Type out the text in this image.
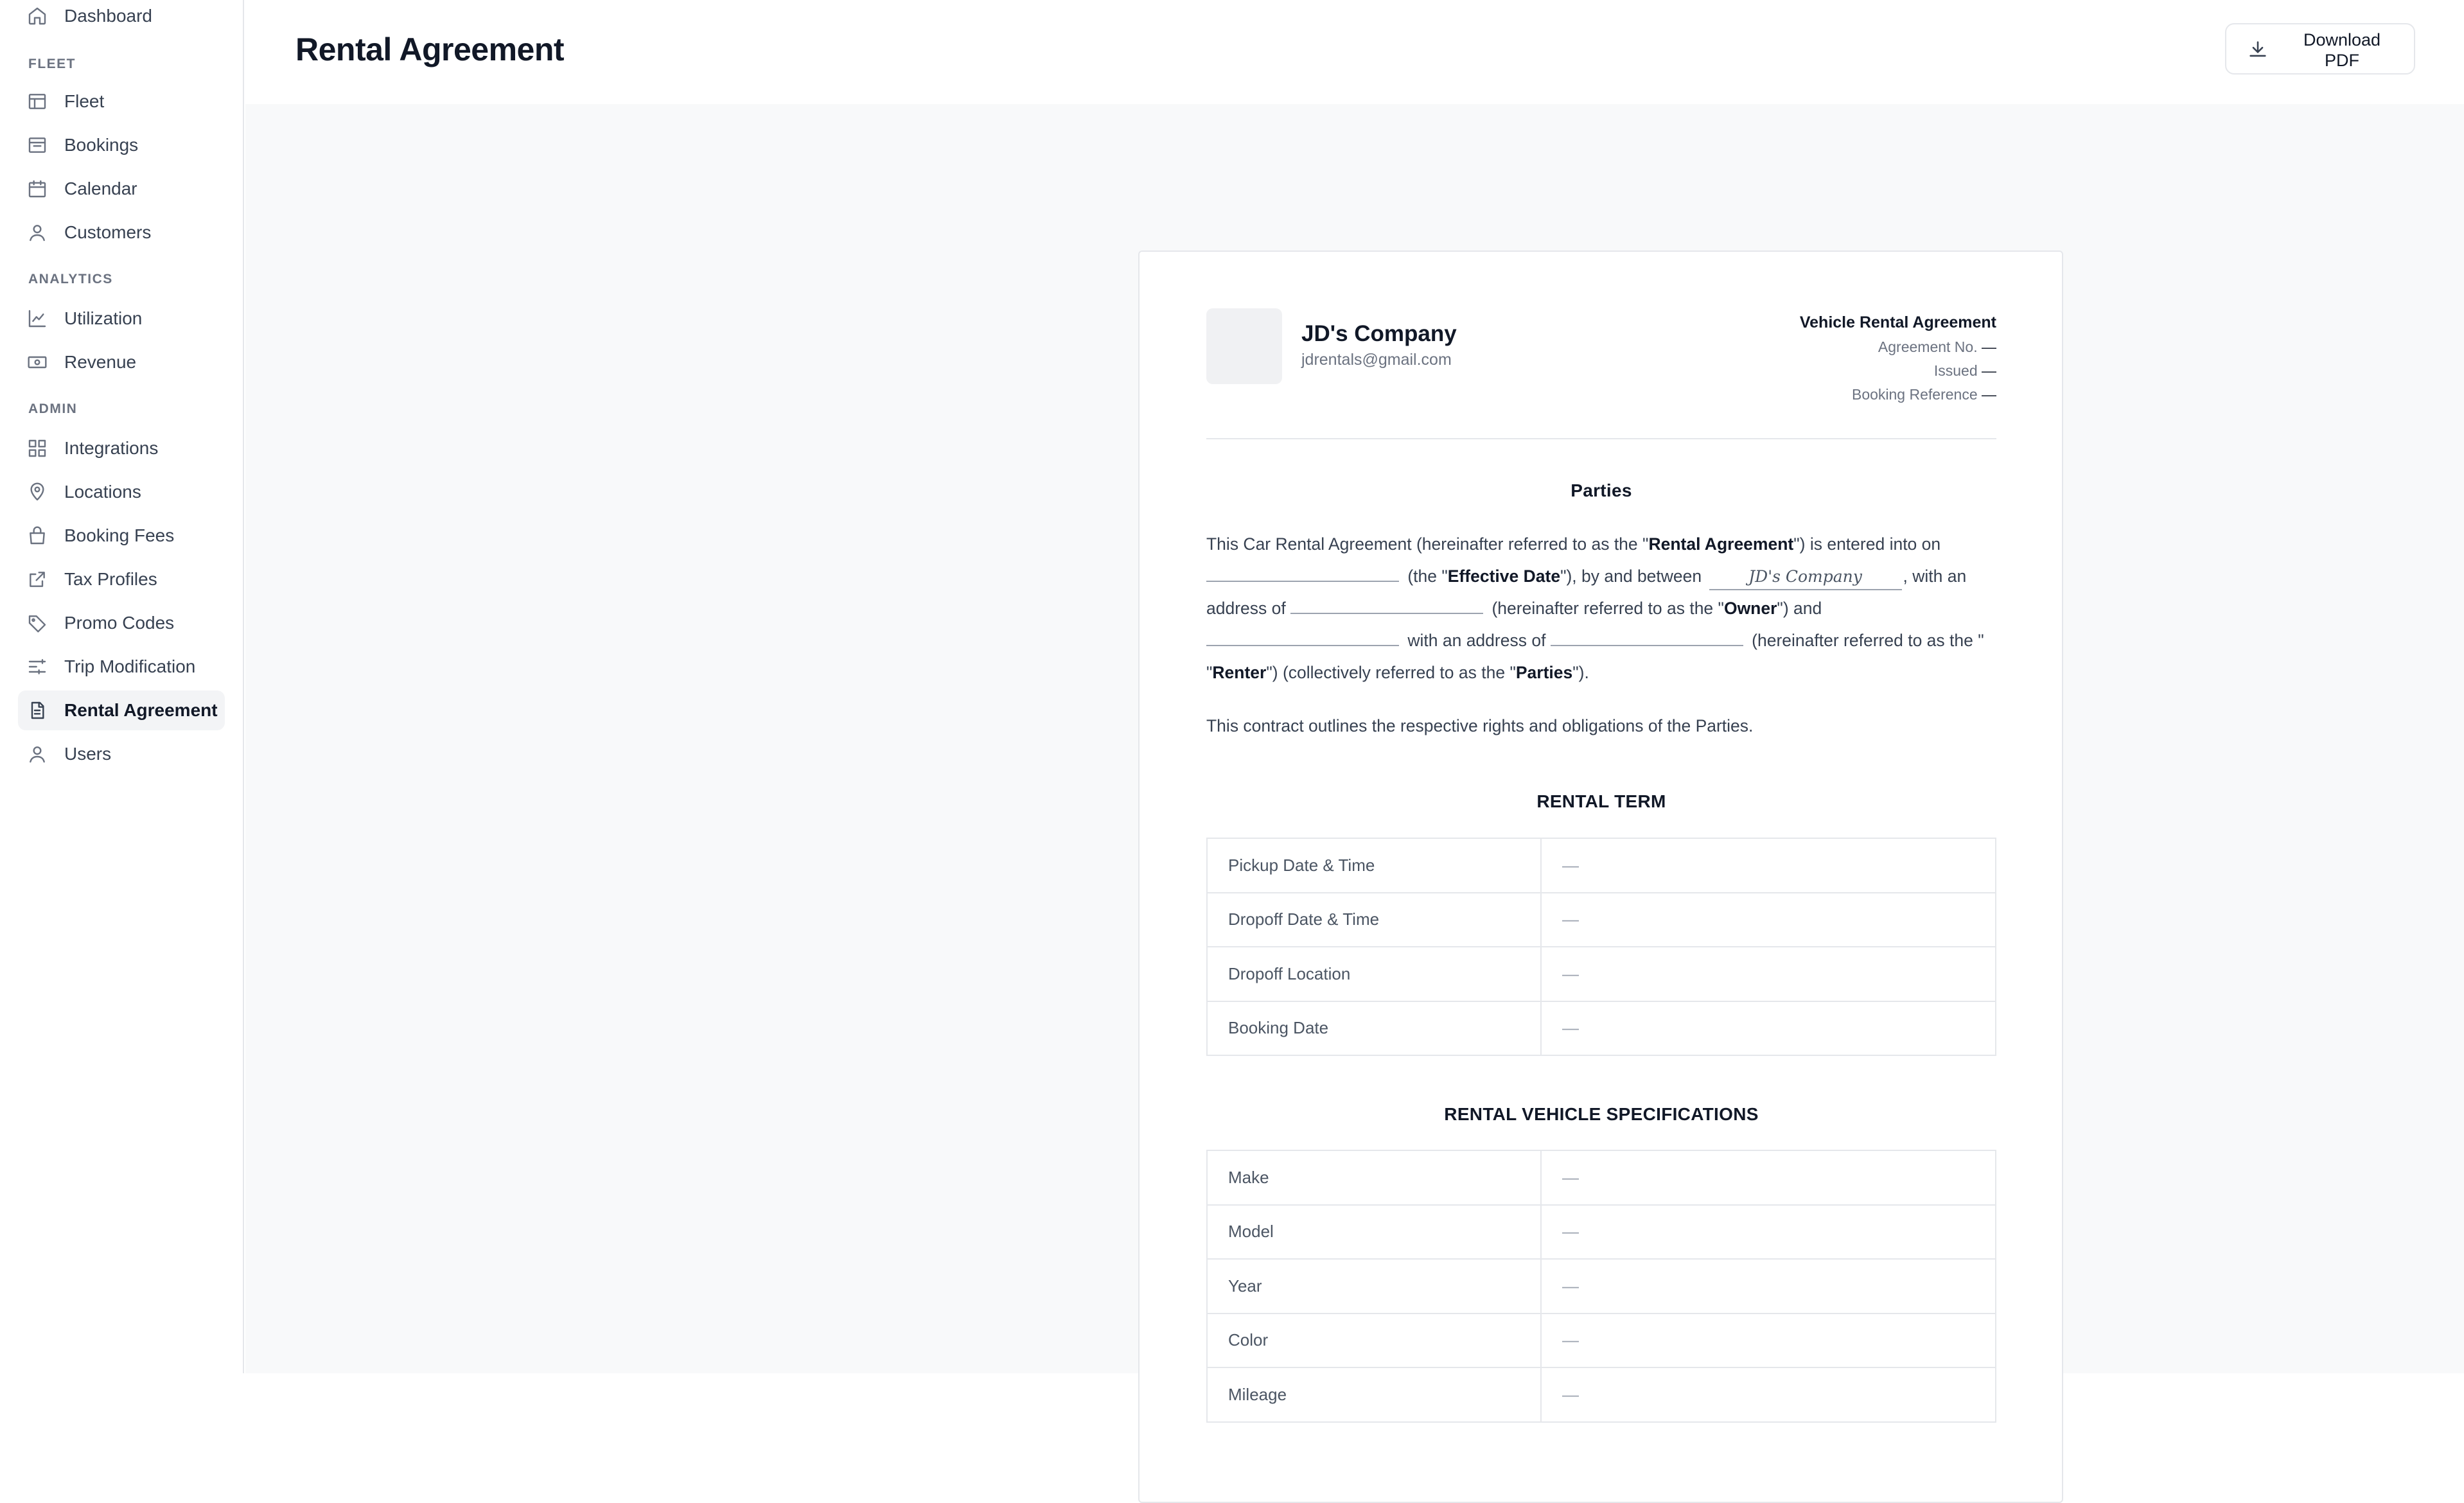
Dashboard
FLEET
Fleet
Bookings
Calendar
Customers
ANALYTICS
Utilization
Revenue
ADMIN
Integrations
Locations
Booking Fees
Tax Profiles
Promo Codes
Trip Modification
Rental Agreement
Users
Rental Agreement	Download
PDF
JD's Company
jdrentals@gmail.com
Vehicle Rental Agreement
Agreement No. —
Issued —
Booking Reference —
Parties

This Car Rental Agreement (hereinafter referred to as the "Rental Agreement") is entered into on
(the "Effective Date"), by and between	JD's Company , with an address of	(hereinafter referred to as the "Owner") and
with an address of	(hereinafter referred to as the "
"Renter") (collectively referred to as the "Parties").

This contract outlines the respective rights and obligations of the Parties.

RENTAL TERM
Pickup Date & Time	—
Dropoff Date & Time	—
Dropoff Location	—
Booking Date	—
RENTAL VEHICLE SPECIFICATIONS
Make	—
Model	—
Year	—
Color	—
Mileage	—
